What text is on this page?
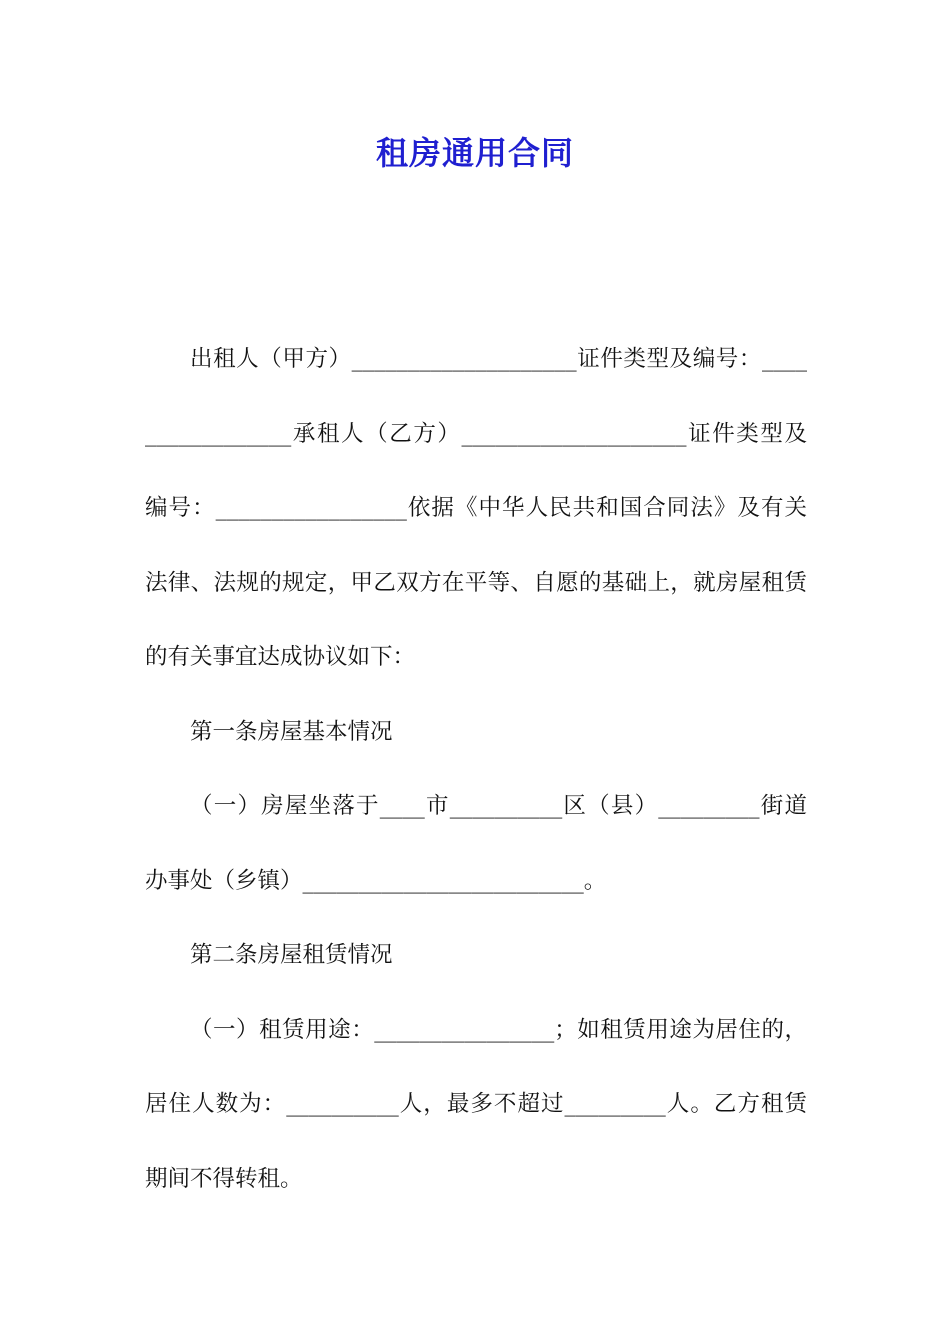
租房通用合同

出租人（甲方）____________________证件类型及编号：_________________承租人（乙方）____________________证件类型及编号：_________________依据《中华人民共和国合同法》及有关法律、法规的规定，甲乙双方在平等、自愿的基础上，就房屋租赁的有关事宜达成协议如下：

第一条房屋基本情况

（一）房屋坐落于____市__________区（县）_________街道办事处（乡镇）_________________________。

第二条房屋租赁情况

（一）租赁用途：________________；如租赁用途为居住的，居住人数为：__________人，最多不超过_________人。乙方租赁期间不得转租。
